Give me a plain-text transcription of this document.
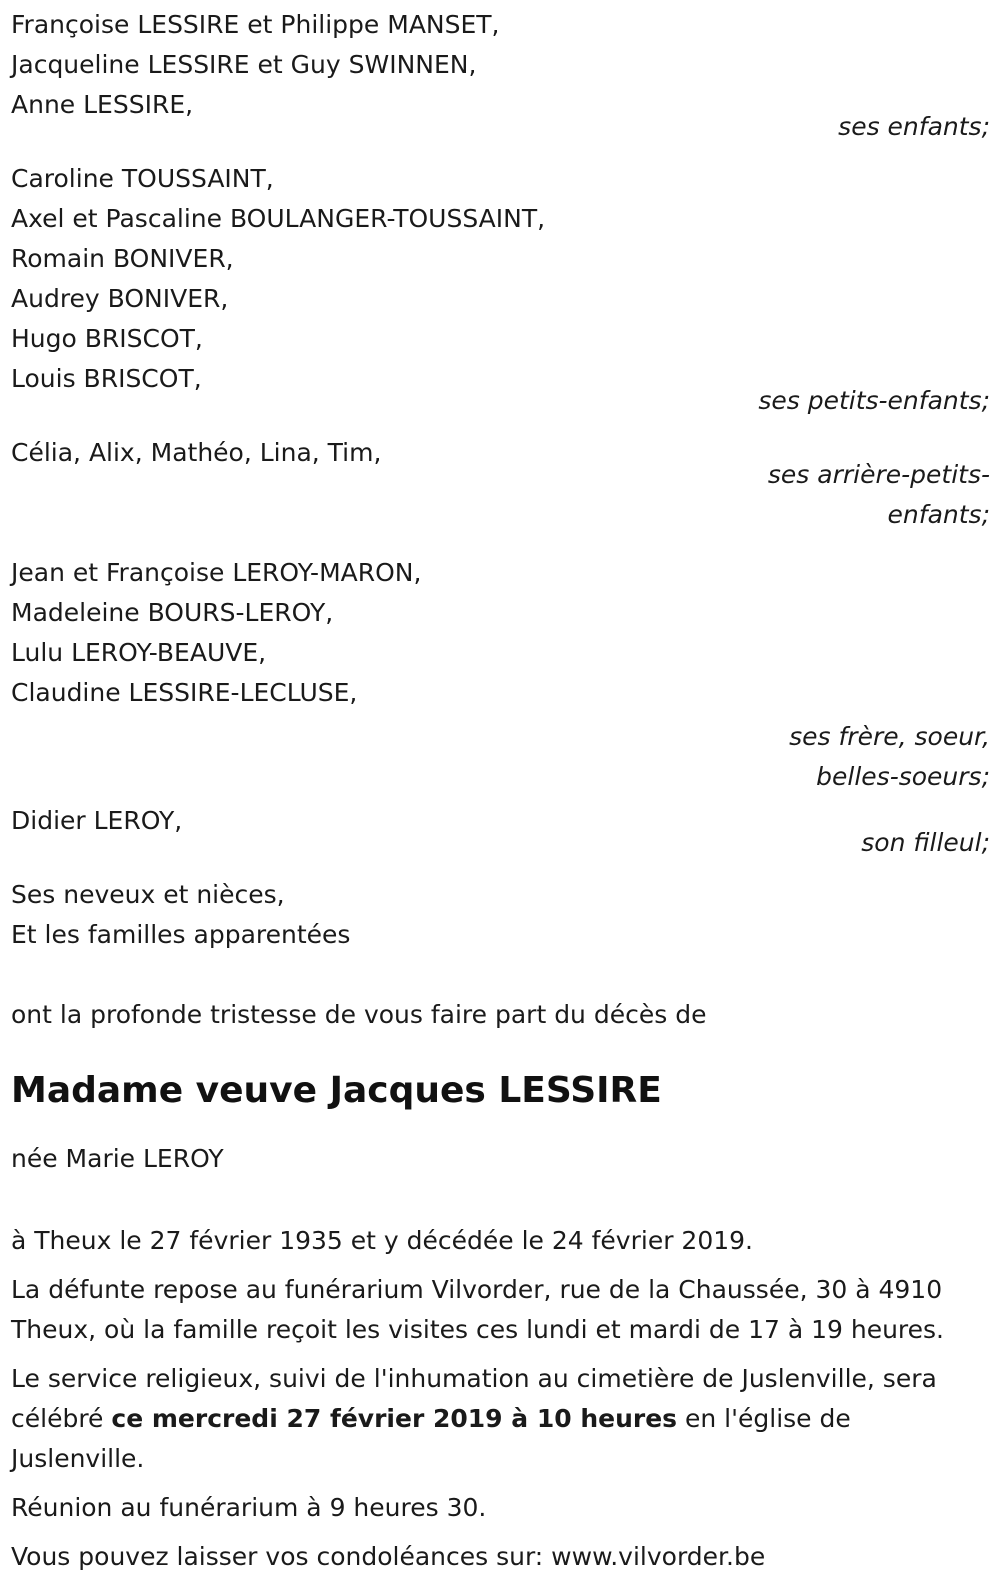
Françoise LESSIRE et Philippe MANSET,
Jacqueline LESSIRE et Guy SWINNEN,
Anne LESSIRE,
ses enfants;
Caroline TOUSSAINT,
Axel et Pascaline BOULANGER-TOUSSAINT,
Romain BONIVER,
Audrey BONIVER,
Hugo BRISCOT,
Louis BRISCOT,
ses petits-enfants;
Célia, Alix, Mathéo, Lina, Tim,
ses arrière-petits-
enfants;
Jean et Françoise LEROY-MARON,
Madeleine BOURS-LEROY,
Lulu LEROY-BEAUVE,
Claudine LESSIRE-LECLUSE,
ses frère, soeur,
belles-soeurs;
Didier LEROY,
son filleul;
Ses neveux et nièces,
Et les familles apparentées
ont la profonde tristesse de vous faire part du décès de
Madame veuve Jacques LESSIRE
née Marie LEROY
à Theux le 27 février 1935 et y décédée le 24 février 2019.
La défunte repose au funérarium Vilvorder, rue de la Chaussée, 30 à 4910 Theux, où la famille reçoit les visites ces lundi et mardi de 17 à 19 heures.
Le service religieux, suivi de l'inhumation au cimetière de Juslenville, sera célébré ce mercredi 27 février 2019 à 10 heures en l'église de Juslenville.
Réunion au funérarium à 9 heures 30.
Vous pouvez laisser vos condoléances sur: www.vilvorder.be
